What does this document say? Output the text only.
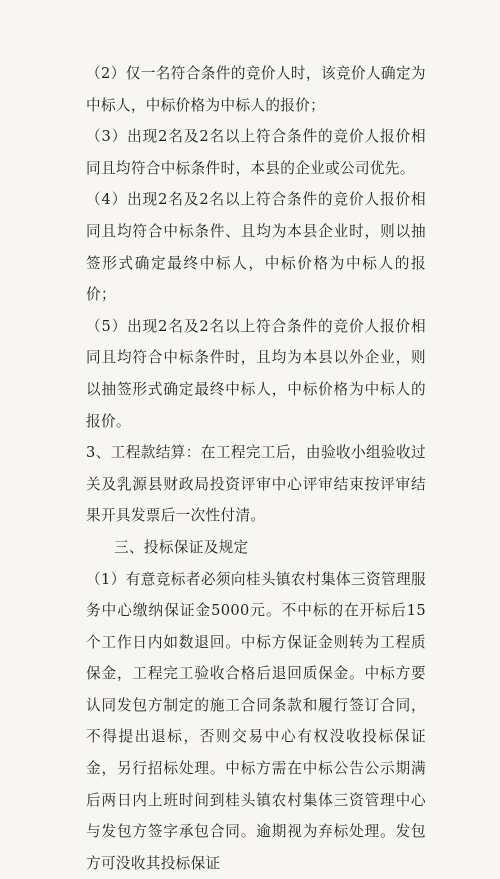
（2）仅一名符合条件的竞价人时，该竞价人确定为中标人，中标价格为中标人的报价；

（3）出现2名及2名以上符合条件的竞价人报价相同且均符合中标条件时，本县的企业或公司优先。

（4）出现2名及2名以上符合条件的竞价人报价相同且均符合中标条件、且均为本县企业时，则以抽签形式确定最终中标人，中标价格为中标人的报价；

（5）出现2名及2名以上符合条件的竞价人报价相同且均符合中标条件时，且均为本县以外企业，则以抽签形式确定最终中标人，中标价格为中标人的报价。

3、工程款结算：在工程完工后，由验收小组验收过关及乳源县财政局投资评审中心评审结束按评审结果开具发票后一次性付清。

三、投标保证及规定

（1）有意竞标者必须向桂头镇农村集体三资管理服务中心缴纳保证金5000元。不中标的在开标后15个工作日内如数退回。中标方保证金则转为工程质保金，工程完工验收合格后退回质保金。中标方要认同发包方制定的施工合同条款和履行签订合同，不得提出退标，否则交易中心有权没收投标保证金，另行招标处理。中标方需在中标公告公示期满后两日内上班时间到桂头镇农村集体三资管理中心与发包方签字承包合同。逾期视为弃标处理。发包方可没收其投标保证
